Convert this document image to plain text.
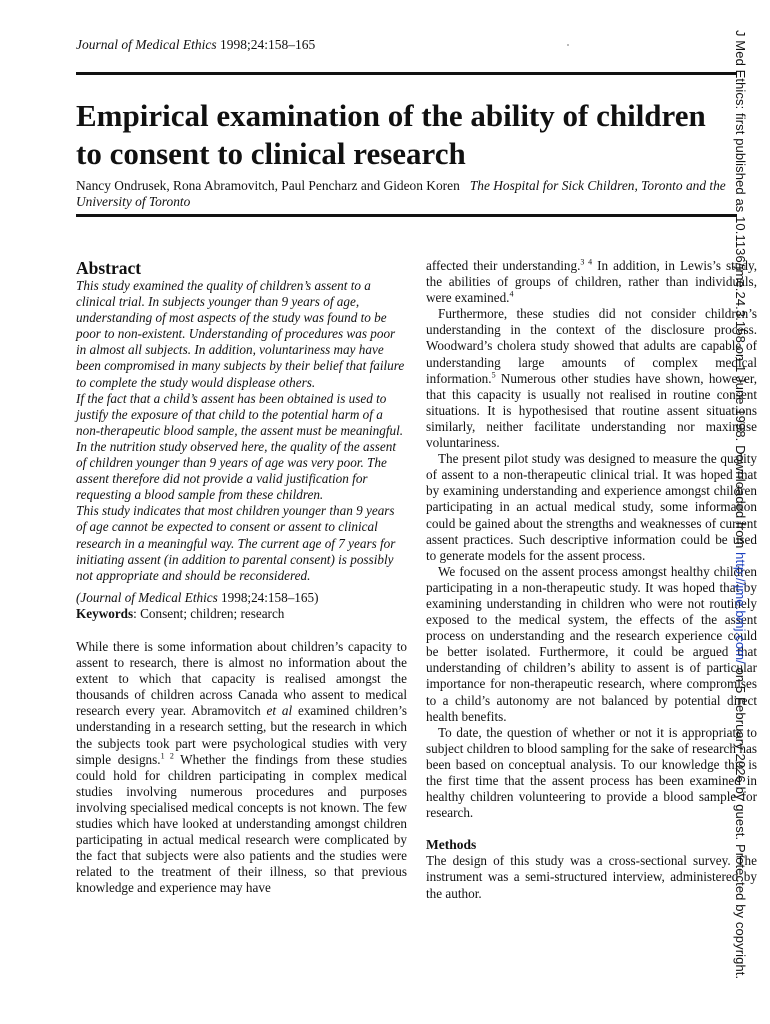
Journal of Medical Ethics 1998;24:158–165
Empirical examination of the ability of children to consent to clinical research
Nancy Ondrusek, Rona Abramovitch, Paul Pencharz and Gideon Koren The Hospital for Sick Children, Toronto and the University of Toronto
Abstract

This study examined the quality of children’s assent to a clinical trial. In subjects younger than 9 years of age, understanding of most aspects of the study was found to be poor to non-existent. Understanding of procedures was poor in almost all subjects. In addition, voluntariness may have been compromised in many subjects by their belief that failure to complete the study would displease others.

If the fact that a child’s assent has been obtained is used to justify the exposure of that child to the potential harm of a non-therapeutic blood sample, the assent must be meaningful. In the nutrition study observed here, the quality of the assent of children younger than 9 years of age was very poor. The assent therefore did not provide a valid justification for requesting a blood sample from these children.

This study indicates that most children younger than 9 years of age cannot be expected to consent or assent to clinical research in a meaningful way. The current age of 7 years for initiating assent (in addition to parental consent) is possibly not appropriate and should be reconsidered.

(Journal of Medical Ethics 1998;24:158–165)

Keywords: Consent; children; research

While there is some information about children’s capacity to assent to research, there is almost no information about the extent to which that capacity is realised amongst the thousands of children across Canada who assent to medical research every year. Abramovitch et al examined children’s understanding in a research setting, but the research in which the subjects took part were psychological studies with very simple designs.$^{1 2}$ Whether the findings from these studies could hold for children participating in complex medical studies involving numerous procedures and purposes involving specialised medical concepts is not known. The few studies which have looked at understanding amongst children participating in actual medical research were complicated by the fact that subjects were also patients and the studies were related to the treatment of their illness, so that previous knowledge and experience may have

affected their understanding.$^{3 4}$ In addition, in Lewis’s study, the abilities of groups of children, rather than individuals, were examined.$^4$

Furthermore, these studies did not consider children’s understanding in the context of the disclosure process. Woodward’s cholera study showed that adults are capable of understanding large amounts of complex medical information.$^5$ Numerous other studies have shown, however, that this capacity is usually not realised in routine consent situations. It is hypothesised that routine assent situations similarly, neither facilitate understanding nor maximise voluntariness.

The present pilot study was designed to measure the quality of assent to a non-therapeutic clinical trial. It was hoped that by examining understanding and experience amongst children participating in an actual medical study, some information could be gained about the strengths and weaknesses of current assent practices. Such descriptive information could be used to generate models for the assent process.

We focused on the assent process amongst healthy children participating in a non-therapeutic study. It was hoped that by examining understanding in children who were not routinely exposed to the medical system, the effects of the assent process on understanding and the research experience could be better isolated. Furthermore, it could be argued that understanding of children’s ability to assent is of particular importance for non-therapeutic research, where compromises to a child’s autonomy are not balanced by potential direct health benefits.

To date, the question of whether or not it is appropriate to subject children to blood sampling for the sake of research has been based on conceptual analysis. To our knowledge this is the first time that the assent process has been examined in healthy children volunteering to provide a blood sample for research.

Methods

The design of this study was a cross-sectional survey. The instrument was a semi-structured interview, administered by the author.

J Med Ethics: first published as 10.1136/jme.24.3.158 on 1 June 1998. Downloaded from http://jme.bmj.com/ on 5 February 2026 by guest. Protected by copyright.
